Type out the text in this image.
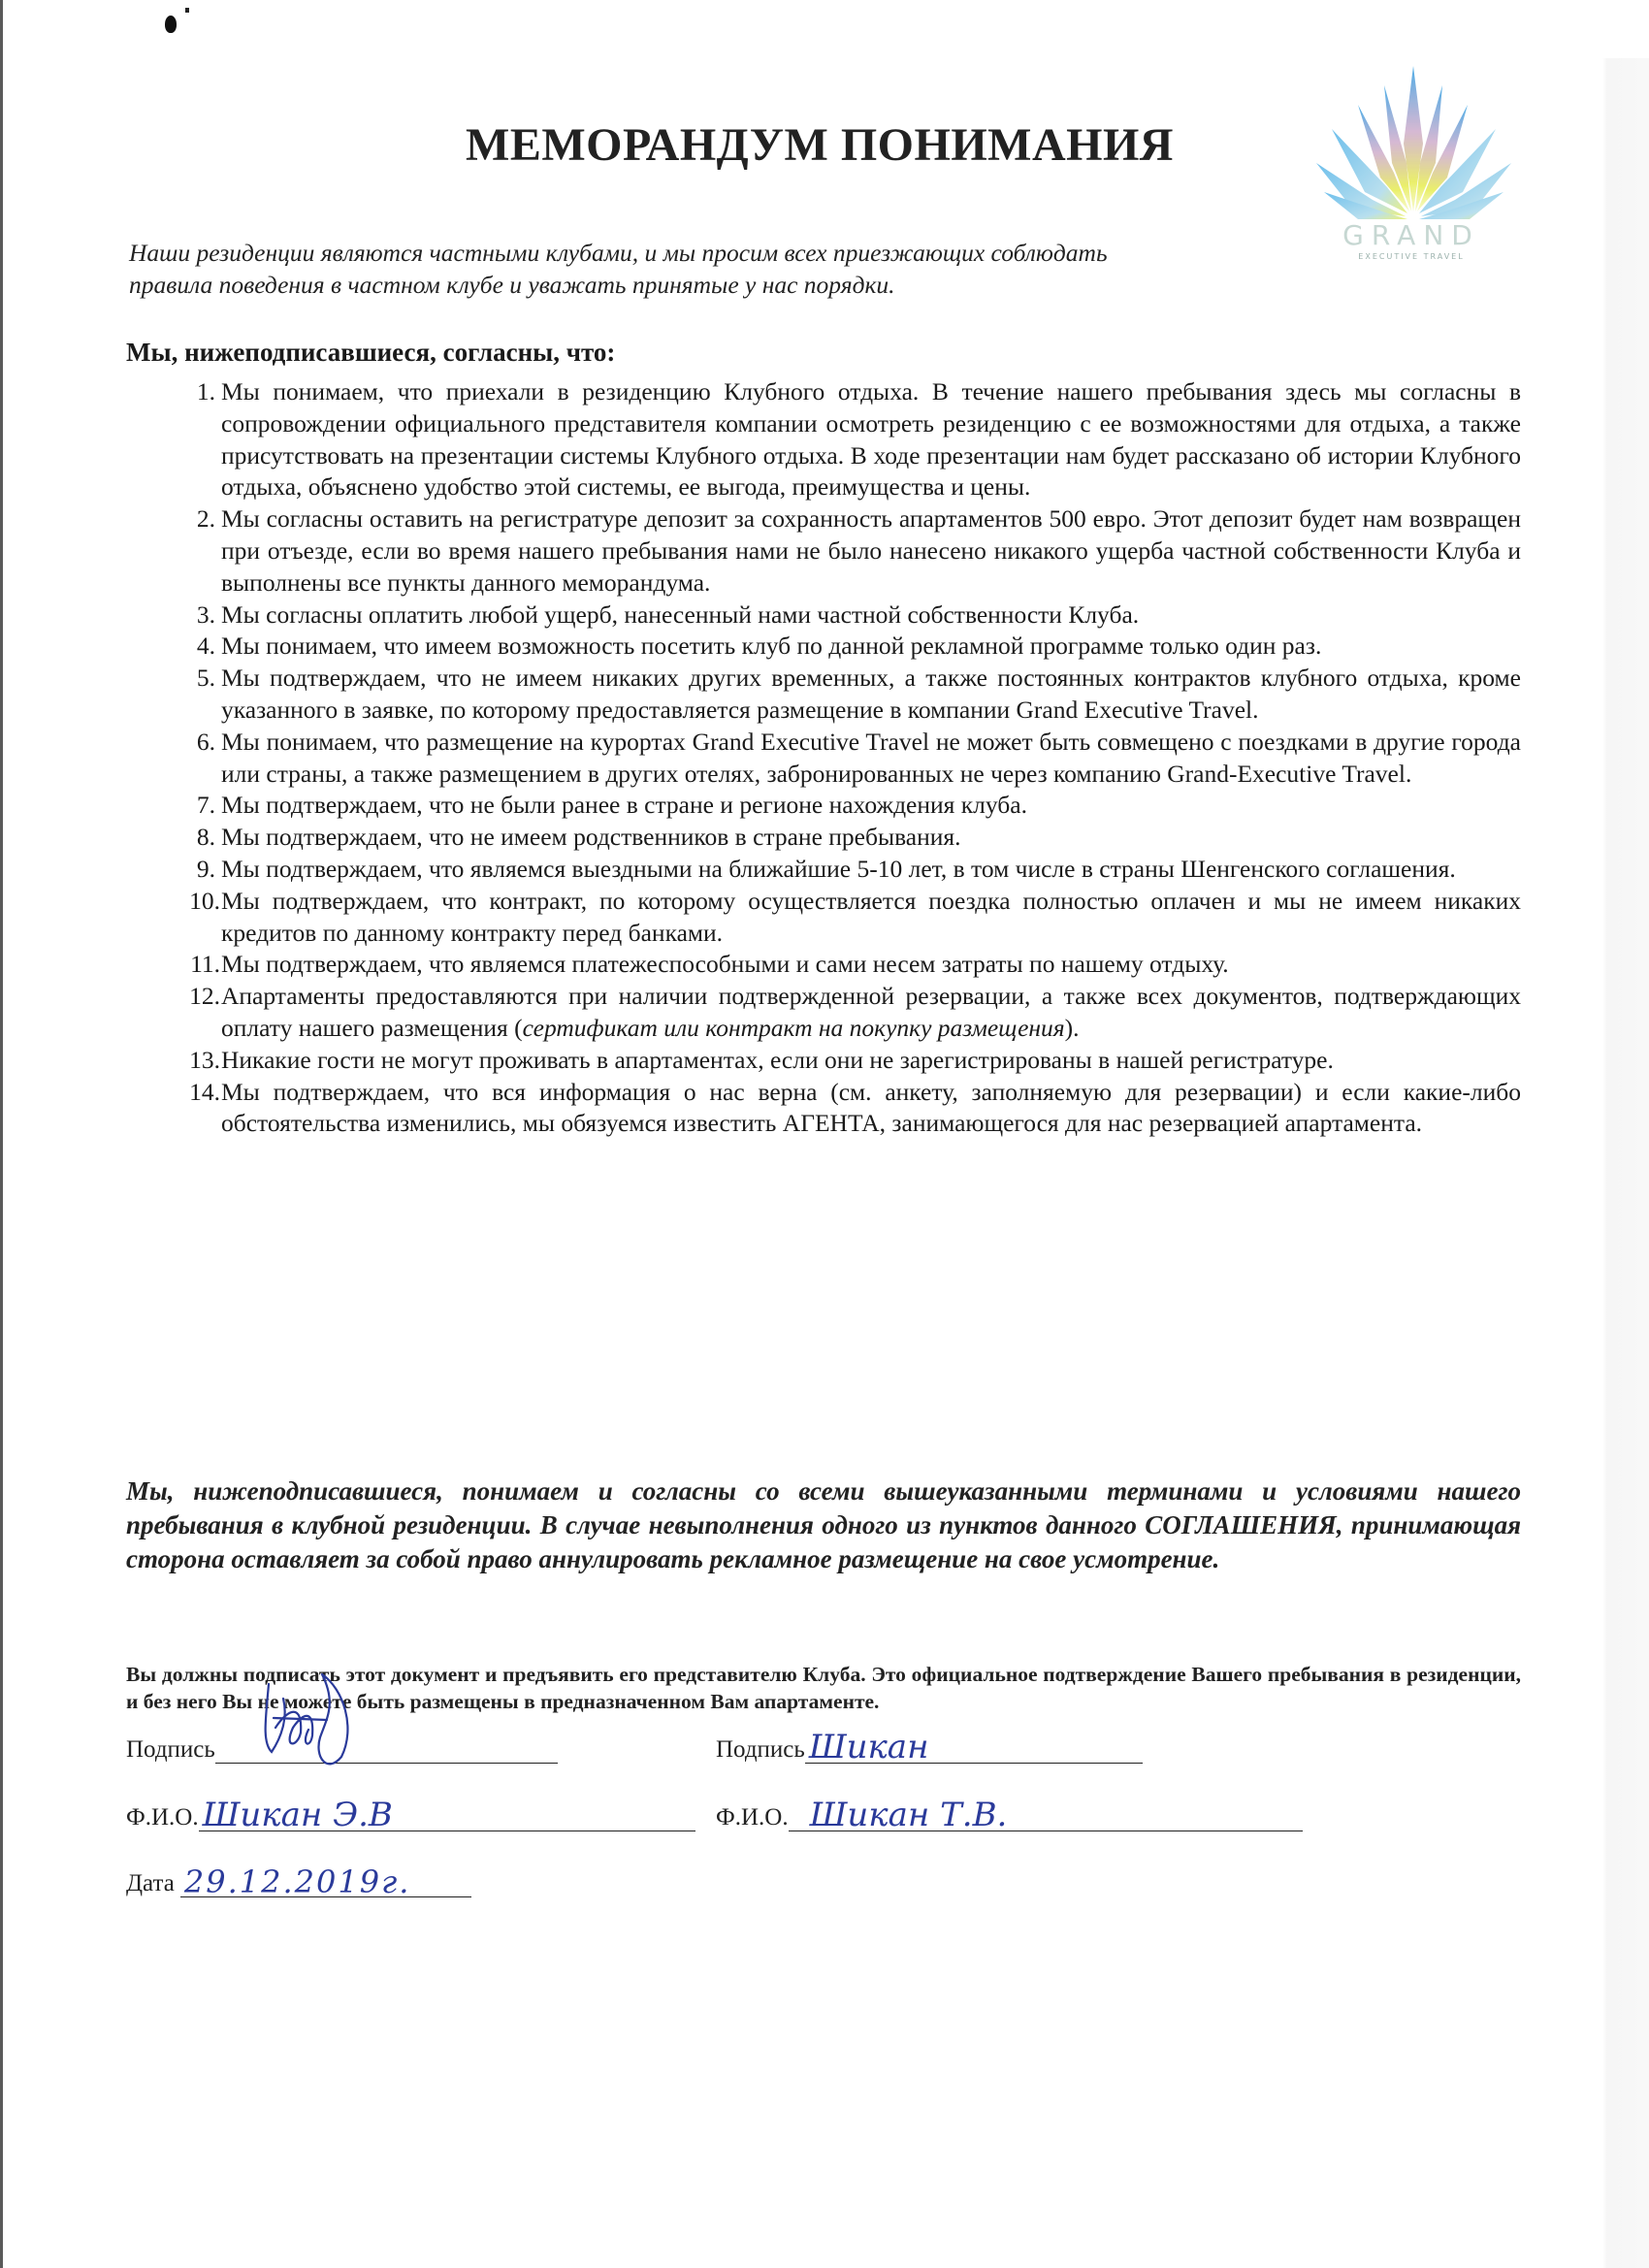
МЕМОРАНДУМ ПОНИМАНИЯ
GRAND
EXECUTIVE TRAVEL

Наши резиденции являются частными клубами, и мы просим всех приезжающих соблюдать правила поведения в частном клубе и уважать принятые у нас порядки.

Мы, нижеподписавшиеся, согласны, что:
1. Мы понимаем, что приехали в резиденцию Клубного отдыха. В течение нашего пребывания здесь мы согласны в сопровождении официального представителя компании осмотреть резиденцию с ее возможностями для отдыха, а также присутствовать на презентации системы Клубного отдыха. В ходе презентации нам будет рассказано об истории Клубного отдыха, объяснено удобство этой системы, ее выгода, преимущества и цены.
2. Мы согласны оставить на регистратуре депозит за сохранность апартаментов 500 евро. Этот депозит будет нам возвращен при отъезде, если во время нашего пребывания нами не было нанесено никакого ущерба частной собственности Клуба и выполнены все пункты данного меморандума.
3. Мы согласны оплатить любой ущерб, нанесенный нами частной собственности Клуба.
4. Мы понимаем, что имеем возможность посетить клуб по данной рекламной программе только один раз.
5. Мы подтверждаем, что не имеем никаких других временных, а также постоянных контрактов клубного отдыха, кроме указанного в заявке, по которому предоставляется размещение в компании Grand Executive Travel.
6. Мы понимаем, что размещение на курортах Grand Executive Travel не может быть совмещено с поездками в другие города или страны, а также размещением в других отелях, забронированных не через компанию Grand-Executive Travel.
7. Мы подтверждаем, что не были ранее в стране и регионе нахождения клуба.
8. Мы подтверждаем, что не имеем родственников в стране пребывания.
9. Мы подтверждаем, что являемся выездными на ближайшие 5-10 лет, в том числе в страны Шенгенского соглашения.
10. Мы подтверждаем, что контракт, по которому осуществляется поездка полностью оплачен и мы не имеем никаких кредитов по данному контракту перед банками.
11. Мы подтверждаем, что являемся платежеспособными и сами несем затраты по нашему отдыху.
12. Апартаменты предоставляются при наличии подтвержденной резервации, а также всех документов, подтверждающих оплату нашего размещения (сертификат или контракт на покупку размещения).
13. Никакие гости не могут проживать в апартаментах, если они не зарегистрированы в нашей регистратуре.
14. Мы подтверждаем, что вся информация о нас верна (см. анкету, заполняемую для резервации) и если какие-либо обстоятельства изменились, мы обязуемся известить АГЕНТА, занимающегося для нас резервацией апартамента.

Мы, нижеподписавшиеся, понимаем и согласны со всеми вышеуказанными терминами и условиями нашего пребывания в клубной резиденции. В случае невыполнения одного из пунктов данного СОГЛАШЕНИЯ, принимающая сторона оставляет за собой право аннулировать рекламное размещение на свое усмотрение.

Вы должны подписать этот документ и предъявить его представителю Клуба. Это официальное подтверждение Вашего пребывания в резиденции, и без него Вы не можете быть размещены в предназначенном Вам апартаменте.

Подпись
Ф.И.О. Шикан Э.В
Дата 29.12.2019г.
Подпись Шикан
Ф.И.О. Шикан Т.В.
